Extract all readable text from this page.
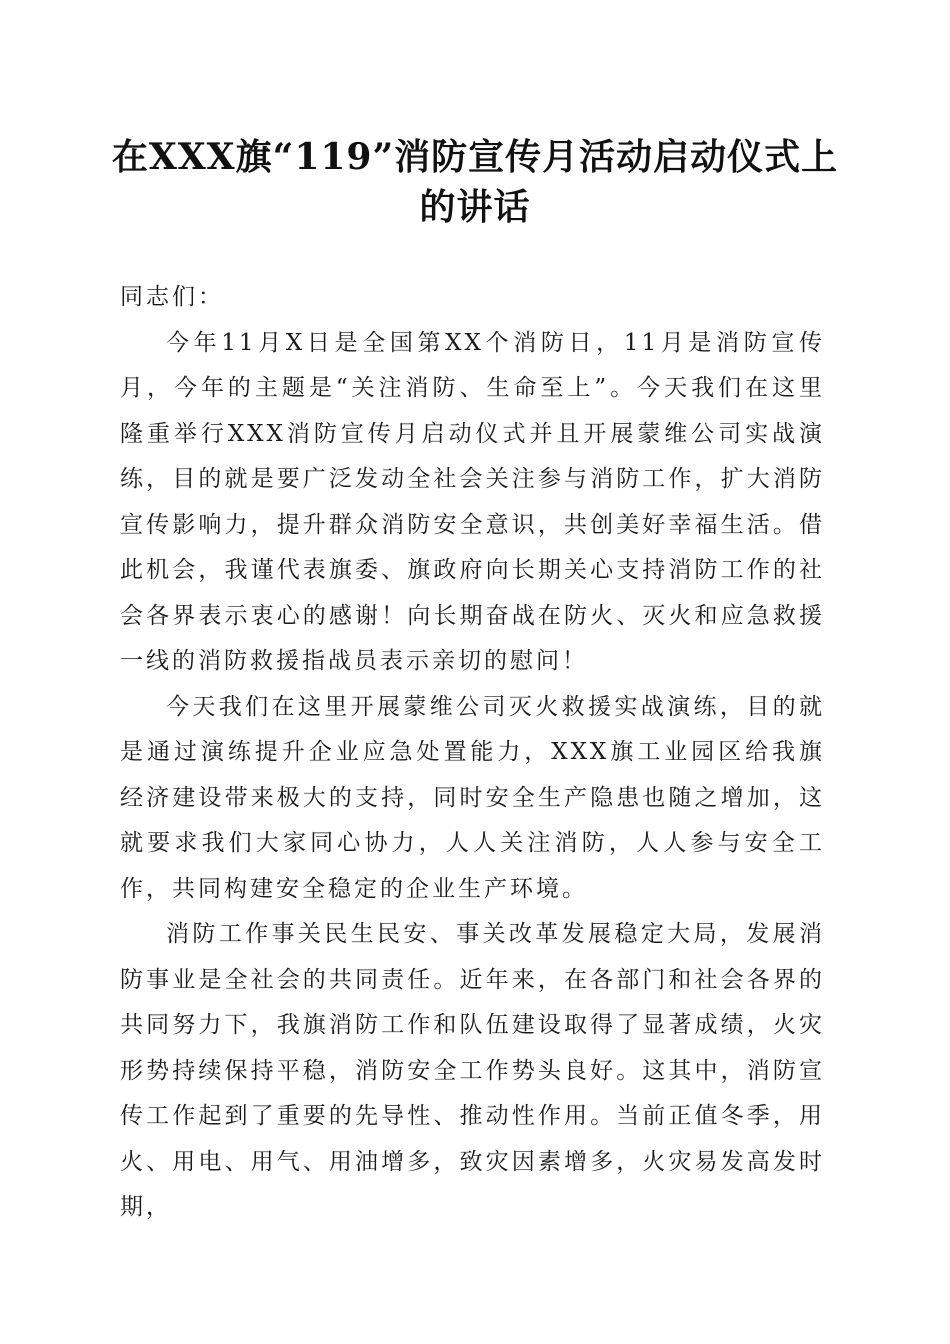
在XXX旗“119”消防宣传月活动启动仪式上的讲话

同志们：

今年11月X日是全国第XX个消防日，11月是消防宣传月，今年的主题是“关注消防、生命至上”。今天我们在这里隆重举行XXX消防宣传月启动仪式并且开展蒙维公司实战演练，目的就是要广泛发动全社会关注参与消防工作，扩大消防宣传影响力，提升群众消防安全意识，共创美好幸福生活。借此机会，我谨代表旗委、旗政府向长期关心支持消防工作的社会各界表示衷心的感谢！向长期奋战在防火、灭火和应急救援一线的消防救援指战员表示亲切的慰问！

今天我们在这里开展蒙维公司灭火救援实战演练，目的就是通过演练提升企业应急处置能力，XXX旗工业园区给我旗经济建设带来极大的支持，同时安全生产隐患也随之增加，这就要求我们大家同心协力，人人关注消防，人人参与安全工作，共同构建安全稳定的企业生产环境。

消防工作事关民生民安、事关改革发展稳定大局，发展消防事业是全社会的共同责任。近年来，在各部门和社会各界的共同努力下，我旗消防工作和队伍建设取得了显著成绩，火灾形势持续保持平稳，消防安全工作势头良好。这其中，消防宣传工作起到了重要的先导性、推动性作用。当前正值冬季，用火、用电、用气、用油增多，致灾因素增多，火灾易发高发时期，
